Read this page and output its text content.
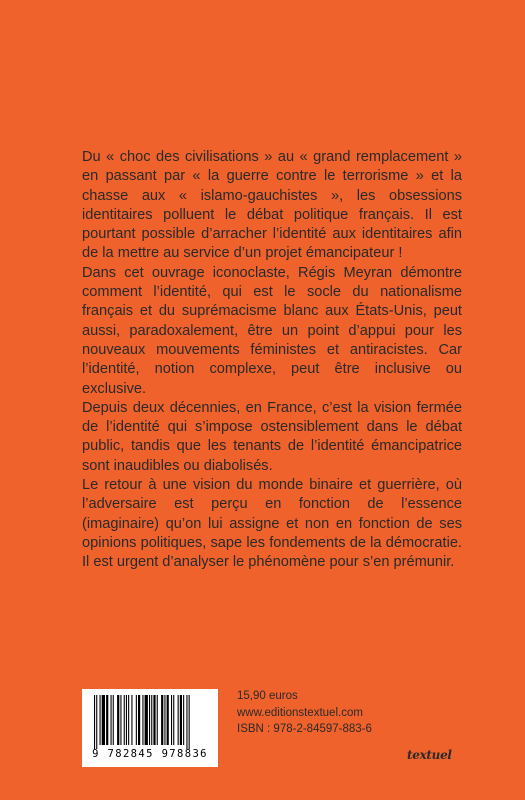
Du « choc des civilisations » au « grand remplacement » en passant par « la guerre contre le terrorisme » et la chasse aux « islamo-gauchistes », les obsessions identitaires polluent le débat politique français. Il est pourtant possible d’arracher l’identité aux identitaires afin de la mettre au service d’un projet émancipateur !

Dans cet ouvrage iconoclaste, Régis Meyran démontre comment l’identité, qui est le socle du nationalisme français et du suprémacisme blanc aux États-Unis, peut aussi, paradoxalement, être un point d’appui pour les nouveaux mouvements féministes et antiracistes. Car l’identité, notion complexe, peut être inclusive ou exclusive.

Depuis deux décennies, en France, c’est la vision fermée de l’identité qui s’impose ostensiblement dans le débat public, tandis que les tenants de l’identité émancipatrice sont inaudibles ou diabolisés.

Le retour à une vision du monde binaire et guerrière, où l’adversaire est perçu en fonction de l’essence (imaginaire) qu’on lui assigne et non en fonction de ses opinions politiques, sape les fondements de la démocratie. Il est urgent d’analyser le phénomène pour s’en prémunir.

9 782845 978836
15,90 euros
www.editionstextuel.com
ISBN : 978-2-84597-883-6
textuel
